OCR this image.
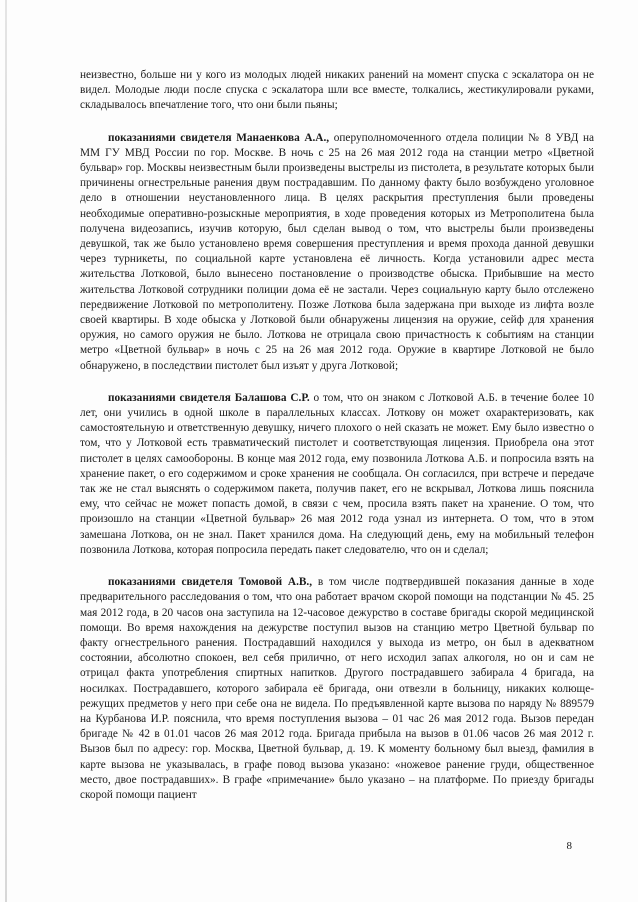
неизвестно, больше ни у кого из молодых людей никаких ранений на момент спуска с эскалатора он не видел. Молодые люди после спуска с эскалатора шли все вместе, толкались, жестикулировали руками, складывалось впечатление того, что они были пьяны;

показаниями свидетеля Манаенкова А.А., оперуполномоченного отдела полиции № 8 УВД на ММ ГУ МВД России по гор. Москве. В ночь с 25 на 26 мая 2012 года на станции метро «Цветной бульвар» гор. Москвы неизвестным были произведены выстрелы из пистолета, в результате которых были причинены огнестрельные ранения двум пострадавшим. По данному факту было возбуждено уголовное дело в отношении неустановленного лица. В целях раскрытия преступления были проведены необходимые оперативно-розыскные мероприятия, в ходе проведения которых из Метрополитена была получена видеозапись, изучив которую, был сделан вывод о том, что выстрелы были произведены девушкой, так же было установлено время совершения преступления и время прохода данной девушки через турникеты, по социальной карте установлена её личность. Когда установили адрес места жительства Лотковой, было вынесено постановление о производстве обыска. Прибывшие на место жительства Лотковой сотрудники полиции дома её не застали. Через социальную карту было отслежено передвижение Лотковой по метрополитену. Позже Лоткова была задержана при выходе из лифта возле своей квартиры. В ходе обыска у Лотковой были обнаружены лицензия на оружие, сейф для хранения оружия, но самого оружия не было. Лоткова не отрицала свою причастность к событиям на станции метро «Цветной бульвар» в ночь с 25 на 26 мая 2012 года. Оружие в квартире Лотковой не было обнаружено, в последствии пистолет был изъят у друга Лотковой;

показаниями свидетеля Балашова С.Р. о том, что он знаком с Лотковой А.Б. в течение более 10 лет, они учились в одной школе в параллельных классах. Лоткову он может охарактеризовать, как самостоятельную и ответственную девушку, ничего плохого о ней сказать не может. Ему было известно о том, что у Лотковой есть травматический пистолет и соответствующая лицензия. Приобрела она этот пистолет в целях самообороны. В конце мая 2012 года, ему позвонила Лоткова А.Б. и попросила взять на хранение пакет, о его содержимом и сроке хранения не сообщала. Он согласился, при встрече и передаче так же не стал выяснять о содержимом пакета, получив пакет, его не вскрывал, Лоткова лишь пояснила ему, что сейчас не может попасть домой, в связи с чем, просила взять пакет на хранение. О том, что произошло на станции «Цветной бульвар» 26 мая 2012 года узнал из интернета. О том, что в этом замешана Лоткова, он не знал. Пакет хранился дома. На следующий день, ему на мобильный телефон позвонила Лоткова, которая попросила передать пакет следователю, что он и сделал;

показаниями свидетеля Томовой А.В., в том числе подтвердившей показания данные в ходе предварительного расследования о том, что она работает врачом скорой помощи на подстанции № 45. 25 мая 2012 года, в 20 часов она заступила на 12-часовое дежурство в составе бригады скорой медицинской помощи. Во время нахождения на дежурстве поступил вызов на станцию метро Цветной бульвар по факту огнестрельного ранения. Пострадавший находился у выхода из метро, он был в адекватном состоянии, абсолютно спокоен, вел себя прилично, от него исходил запах алкоголя, но он и сам не отрицал факта употребления спиртных напитков. Другого пострадавшего забирала 4 бригада, на носилках. Пострадавшего, которого забирала её бригада, они отвезли в больницу, никаких колюще-режущих предметов у него при себе она не видела. По предъявленной карте вызова по наряду № 889579 на Курбанова И.Р. пояснила, что время поступления вызова – 01 час 26 мая 2012 года. Вызов передан бригаде № 42 в 01.01 часов 26 мая 2012 года. Бригада прибыла на вызов в 01.06 часов 26 мая 2012 г. Вызов был по адресу: гор. Москва, Цветной бульвар, д. 19. К моменту больному был выезд, фамилия в карте вызова не указывалась, в графе повод вызова указано: «ножевое ранение груди, общественное место, двое пострадавших». В графе «примечание» было указано – на платформе. По приезду бригады скорой помощи пациент

8
